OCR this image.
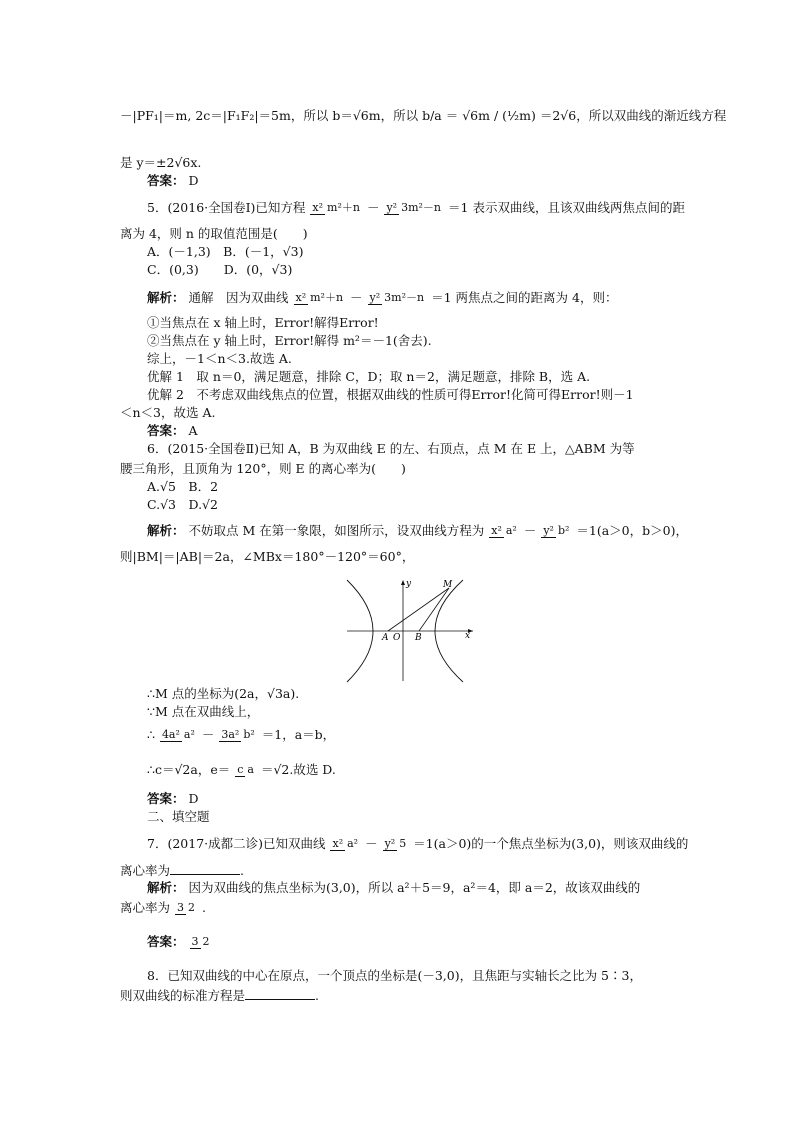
－|PF₁|＝m, 2c＝|F₁F₂|＝5m，所以 b＝√6m，所以 b/a ＝ √6m / (½m) ＝2√6，所以双曲线的渐近线方程
是 y＝±2√6x.
答案： D
5．(2016·全国卷Ⅰ)已知方程 x² m²＋n － y² 3m²－n ＝1 表示双曲线，且该双曲线两焦点间的距
离为 4，则 n 的取值范围是(　　)
A．(－1,3)　B．(－1，√3)
C．(0,3)　　D．(0，√3)
解析： 通解　因为双曲线 x² m²＋n － y² 3m²－n ＝1 两焦点之间的距离为 4，则：
①当焦点在 x 轴上时，Error!解得Error!
②当焦点在 y 轴上时，Error!解得 m²＝－1(舍去).
综上，－1＜n＜3.故选 A.
优解 1　取 n＝0，满足题意，排除 C，D；取 n＝2，满足题意，排除 B，选 A.
优解 2　不考虑双曲线焦点的位置，根据双曲线的性质可得Error!化简可得Error!则－1
＜n＜3，故选 A.
答案： A
6．(2015·全国卷Ⅱ)已知 A，B 为双曲线 E 的左、右顶点，点 M 在 E 上，△ABM 为等
腰三角形，且顶角为 120°，则 E 的离心率为(　　)
A.√5　B．2
C.√3　D.√2
解析： 不妨取点 M 在第一象限，如图所示，设双曲线方程为 x² a² － y² b² ＝1(a＞0，b＞0)，
则|BM|＝|AB|＝2a，∠MBx＝180°－120°＝60°，
x
y
A O B
M
∴M 点的坐标为(2a，√3a).
∵M 点在双曲线上，
∴ 4a² a² － 3a² b² ＝1，a＝b，
∴c＝√2a，e＝ c a ＝√2.故选 D.
答案： D
二、填空题
7．(2017·成都二诊)已知双曲线 x² a² － y² 5 ＝1(a＞0)的一个焦点坐标为(3,0)，则该双曲线的
离心率为	.
解析： 因为双曲线的焦点坐标为(3,0)，所以 a²＋5＝9，a²＝4，即 a＝2，故该双曲线的
离心率为 3 2 .
答案： 3 2
8．已知双曲线的中心在原点，一个顶点的坐标是(－3,0)，且焦距与实轴长之比为 5∶3，
则双曲线的标准方程是	.
